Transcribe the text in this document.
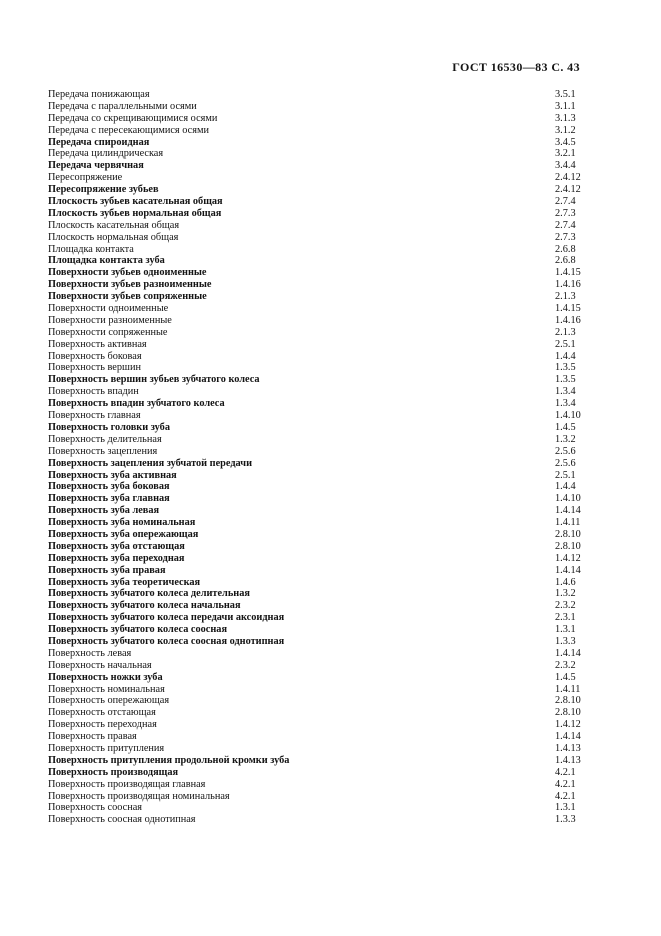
ГОСТ 16530—83 С. 43
Передача понижающая	3.5.1
Передача с параллельными осями	3.1.1
Передача со скрещивающимися осями	3.1.3
Передача с пересекающимися осями	3.1.2
Передача спироидная	3.4.5
Передача цилиндрическая	3.2.1
Передача червячная	3.4.4
Пересопряжение	2.4.12
Пересопряжение зубьев	2.4.12
Плоскость зубьев касательная общая	2.7.4
Плоскость зубьев нормальная общая	2.7.3
Плоскость касательная общая	2.7.4
Плоскость нормальная общая	2.7.3
Площадка контакта	2.6.8
Площадка контакта зуба	2.6.8
Поверхности зубьев одноименные	1.4.15
Поверхности зубьев разноименные	1.4.16
Поверхности зубьев сопряженные	2.1.3
Поверхности одноименные	1.4.15
Поверхности разноименные	1.4.16
Поверхности сопряженные	2.1.3
Поверхность активная	2.5.1
Поверхность боковая	1.4.4
Поверхность вершин	1.3.5
Поверхность вершин зубьев зубчатого колеса	1.3.5
Поверхность впадин	1.3.4
Поверхность впадин зубчатого колеса	1.3.4
Поверхность главная	1.4.10
Поверхность головки зуба	1.4.5
Поверхность делительная	1.3.2
Поверхность зацепления	2.5.6
Поверхность зацепления зубчатой передачи	2.5.6
Поверхность зуба активная	2.5.1
Поверхность зуба боковая	1.4.4
Поверхность зуба главная	1.4.10
Поверхность зуба левая	1.4.14
Поверхность зуба номинальная	1.4.11
Поверхность зуба опережающая	2.8.10
Поверхность зуба отстающая	2.8.10
Поверхность зуба переходная	1.4.12
Поверхность зуба правая	1.4.14
Поверхность зуба теоретическая	1.4.6
Поверхность зубчатого колеса делительная	1.3.2
Поверхность зубчатого колеса начальная	2.3.2
Поверхность зубчатого колеса передачи аксоидная	2.3.1
Поверхность зубчатого колеса соосная	1.3.1
Поверхность зубчатого колеса соосная однотипная	1.3.3
Поверхность левая	1.4.14
Поверхность начальная	2.3.2
Поверхность ножки зуба	1.4.5
Поверхность номинальная	1.4.11
Поверхность опережающая	2.8.10
Поверхность отстающая	2.8.10
Поверхность переходная	1.4.12
Поверхность правая	1.4.14
Поверхность притупления	1.4.13
Поверхность притупления продольной кромки зуба	1.4.13
Поверхность производящая	4.2.1
Поверхность производящая главная	4.2.1
Поверхность производящая номинальная	4.2.1
Поверхность соосная	1.3.1
Поверхность соосная однотипная	1.3.3
